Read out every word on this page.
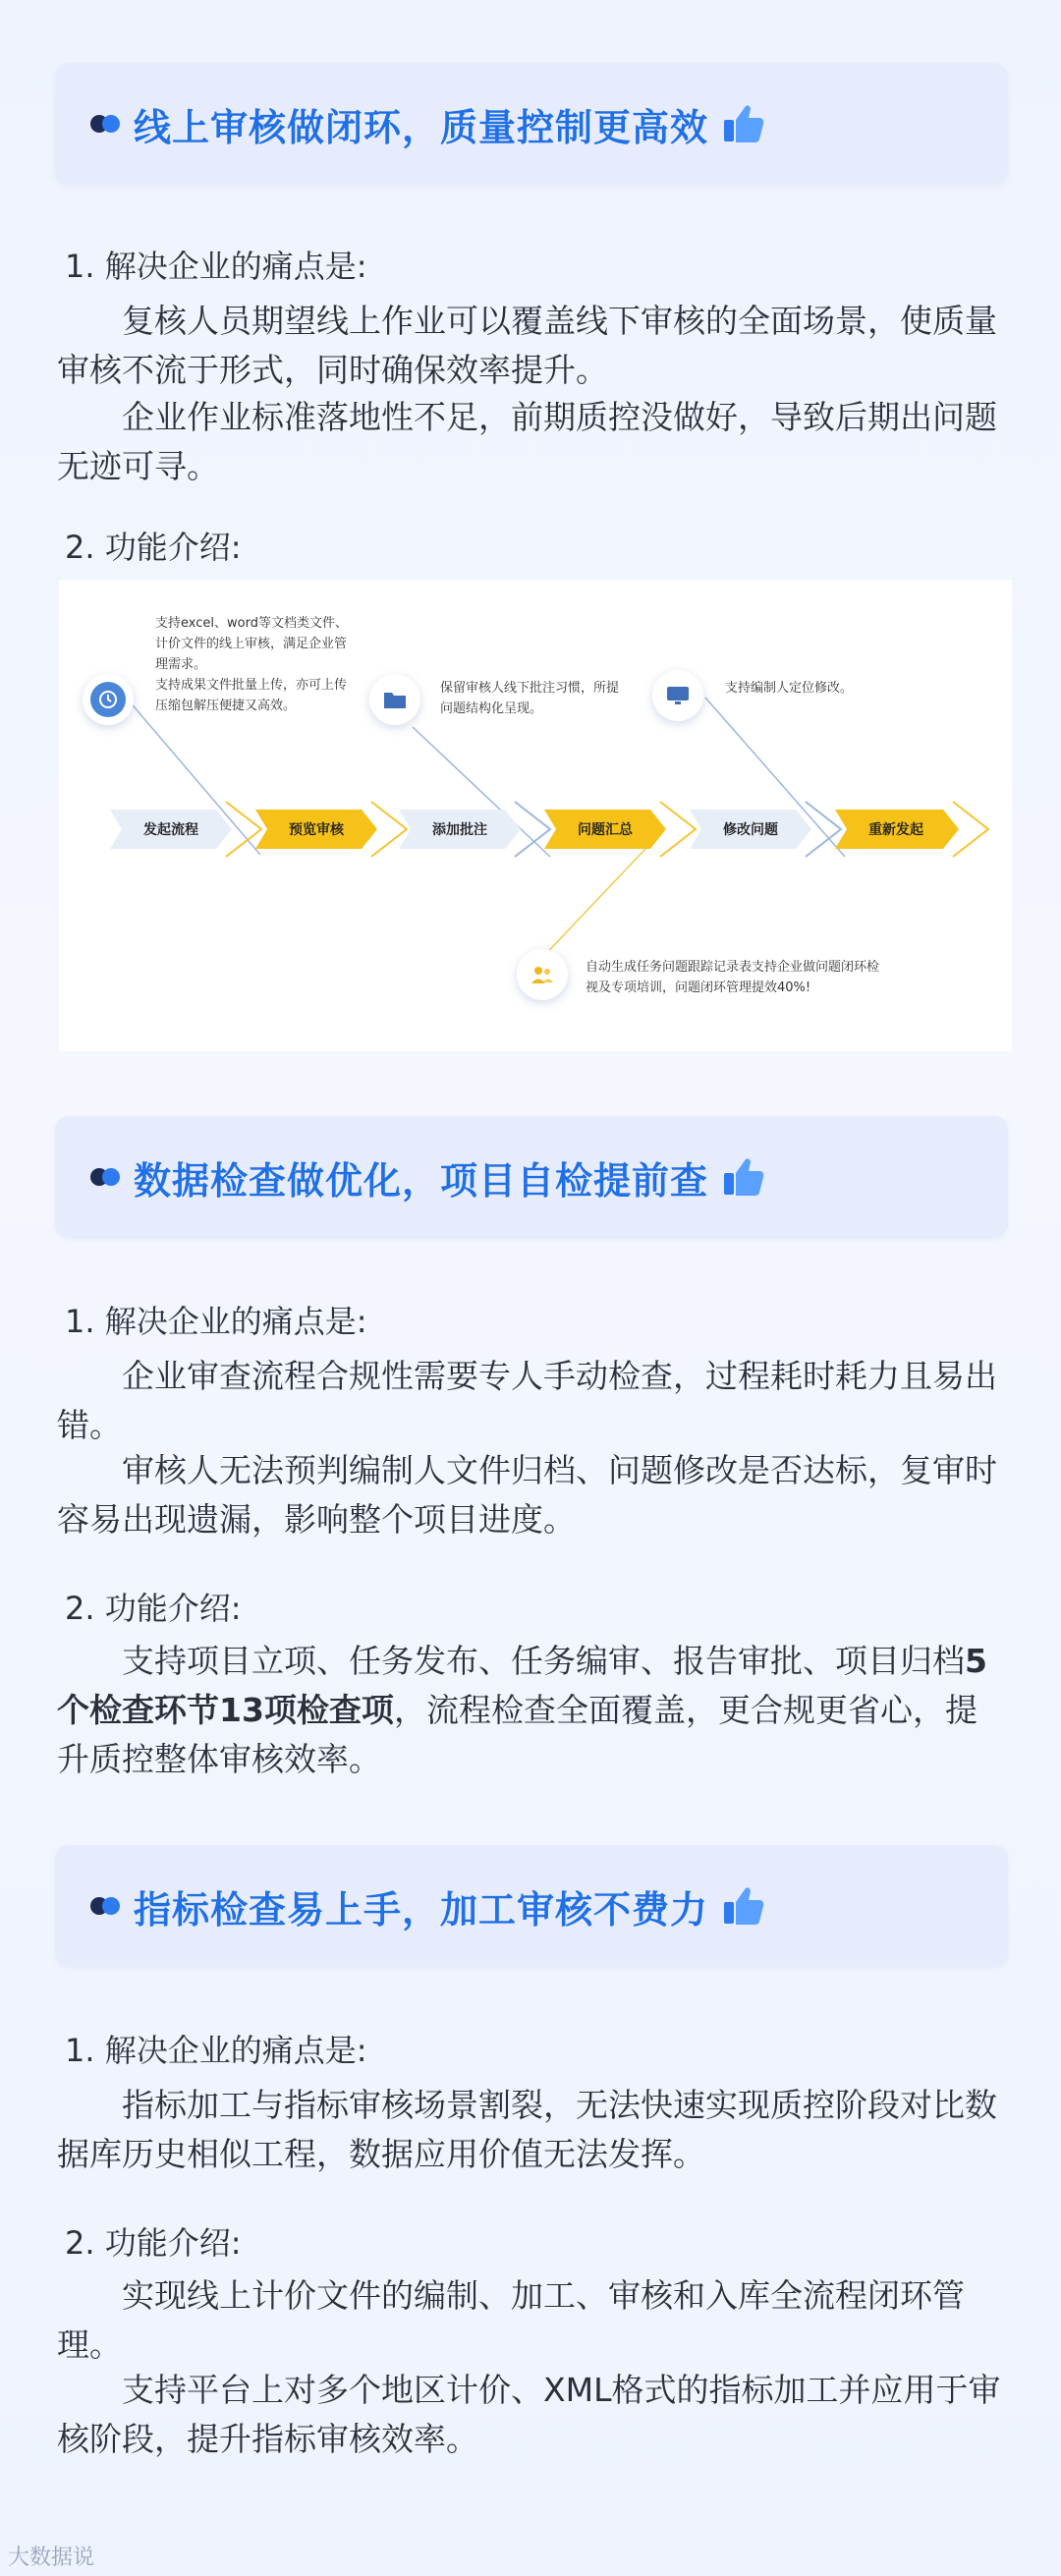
线上审核做闭环，质量控制更高效
1. 解决企业的痛点是:
复核人员期望线上作业可以覆盖线下审核的全面场景，使质量审核不流于形式，同时确保效率提升。
企业作业标准落地性不足，前期质控没做好，导致后期出问题无迹可寻。
2. 功能介绍:
发起流程	预览审核	添加批注	问题汇总	修改问题	重新发起
支持excel、word等文档类文件、
计价文件的线上审核，满足企业管
理需求。
支持成果文件批量上传，亦可上传
压缩包解压便捷又高效。
保留审核人线下批注习惯，所提
问题结构化呈现。
支持编制人定位修改。
自动生成任务问题跟踪记录表支持企业做问题闭环检
视及专项培训，问题闭环管理提效40%!
数据检查做优化，项目自检提前查
1. 解决企业的痛点是:
企业审查流程合规性需要专人手动检查，过程耗时耗力且易出错。
审核人无法预判编制人文件归档、问题修改是否达标，复审时容易出现遗漏，影响整个项目进度。
2. 功能介绍:
支持项目立项、任务发布、任务编审、报告审批、项目归档5个检查环节13项检查项，流程检查全面覆盖，更合规更省心，提升质控整体审核效率。
指标检查易上手，加工审核不费力
1. 解决企业的痛点是:
指标加工与指标审核场景割裂，无法快速实现质控阶段对比数据库历史相似工程，数据应用价值无法发挥。
2. 功能介绍:
实现线上计价文件的编制、加工、审核和入库全流程闭环管理。
支持平台上对多个地区计价、XML格式的指标加工并应用于审核阶段，提升指标审核效率。
大数据说
